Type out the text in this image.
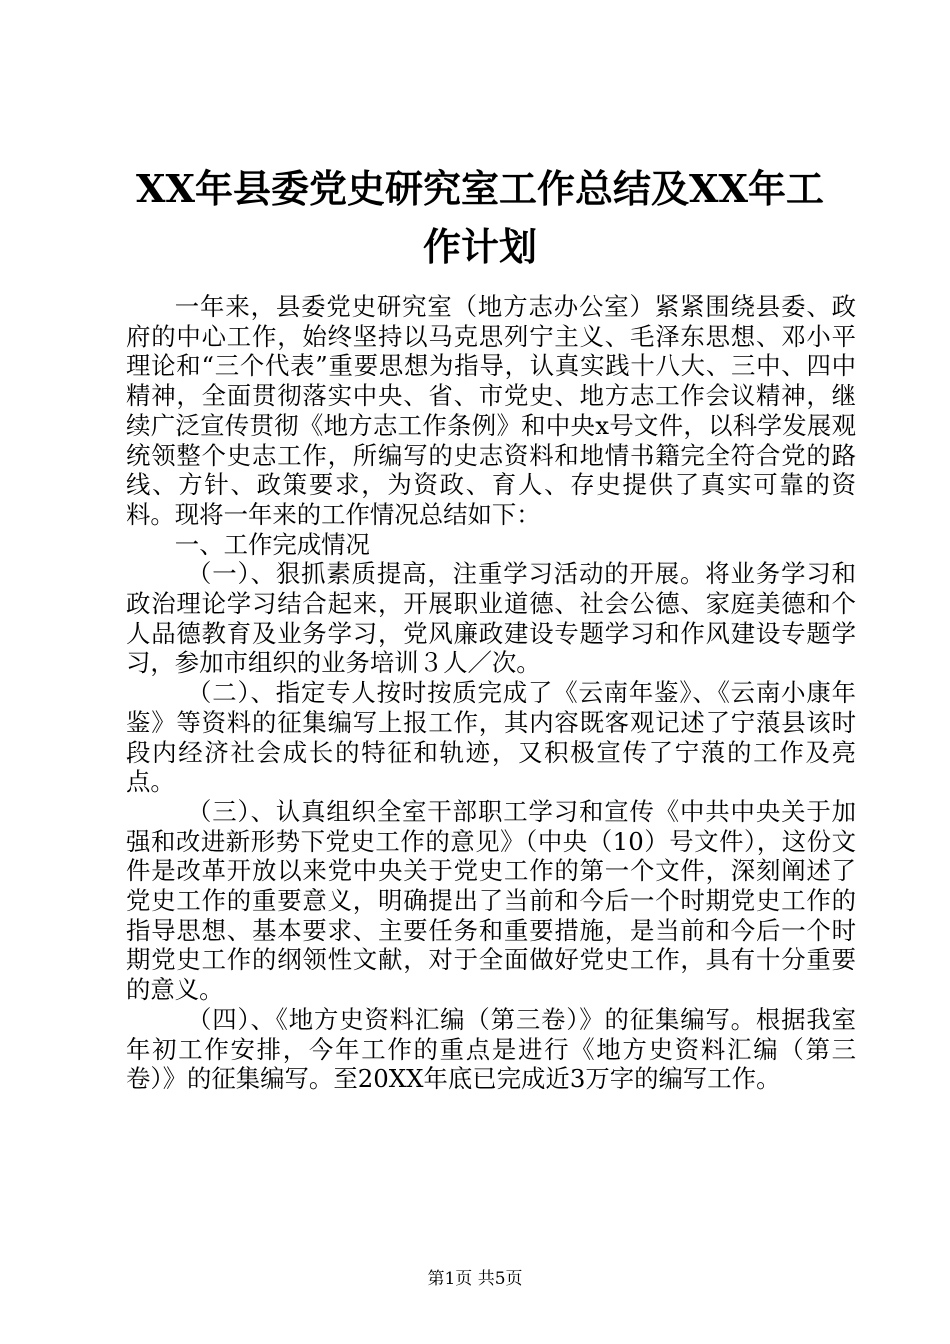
XX年县委党史研究室工作总结及XX年工作计划

一年来，县委党史研究室（地方志办公室）紧紧围绕县委、政府的中心工作，始终坚持以马克思列宁主义、毛泽东思想、邓小平理论和“三个代表”重要思想为指导，认真实践十八大、三中、四中精神，全面贯彻落实中央、省、市党史、地方志工作会议精神，继续广泛宣传贯彻《地方志工作条例》和中央x号文件，以科学发展观统领整个史志工作，所编写的史志资料和地情书籍完全符合党的路线、方针、政策要求，为资政、育人、存史提供了真实可靠的资料。现将一年来的工作情况总结如下：

一、工作完成情况

（一）、狠抓素质提高，注重学习活动的开展。将业务学习和政治理论学习结合起来，开展职业道德、社会公德、家庭美德和个人品德教育及业务学习，党风廉政建设专题学习和作风建设专题学习，参加市组织的业务培训３人／次。

（二）、指定专人按时按质完成了《云南年鉴》、《云南小康年鉴》等资料的征集编写上报工作，其内容既客观记述了宁蒗县该时段内经济社会成长的特征和轨迹，又积极宣传了宁蒗的工作及亮点。

（三）、认真组织全室干部职工学习和宣传《中共中央关于加强和改进新形势下党史工作的意见》（中央（10）号文件），这份文件是改革开放以来党中央关于党史工作的第一个文件，深刻阐述了党史工作的重要意义，明确提出了当前和今后一个时期党史工作的指导思想、基本要求、主要任务和重要措施，是当前和今后一个时期党史工作的纲领性文献，对于全面做好党史工作，具有十分重要的意义。

（四）、《地方史资料汇编（第三卷）》的征集编写。根据我室年初工作安排，今年工作的重点是进行《地方史资料汇编（第三卷）》的征集编写。至20XX年底已完成近3万字的编写工作。

第1页 共5页
